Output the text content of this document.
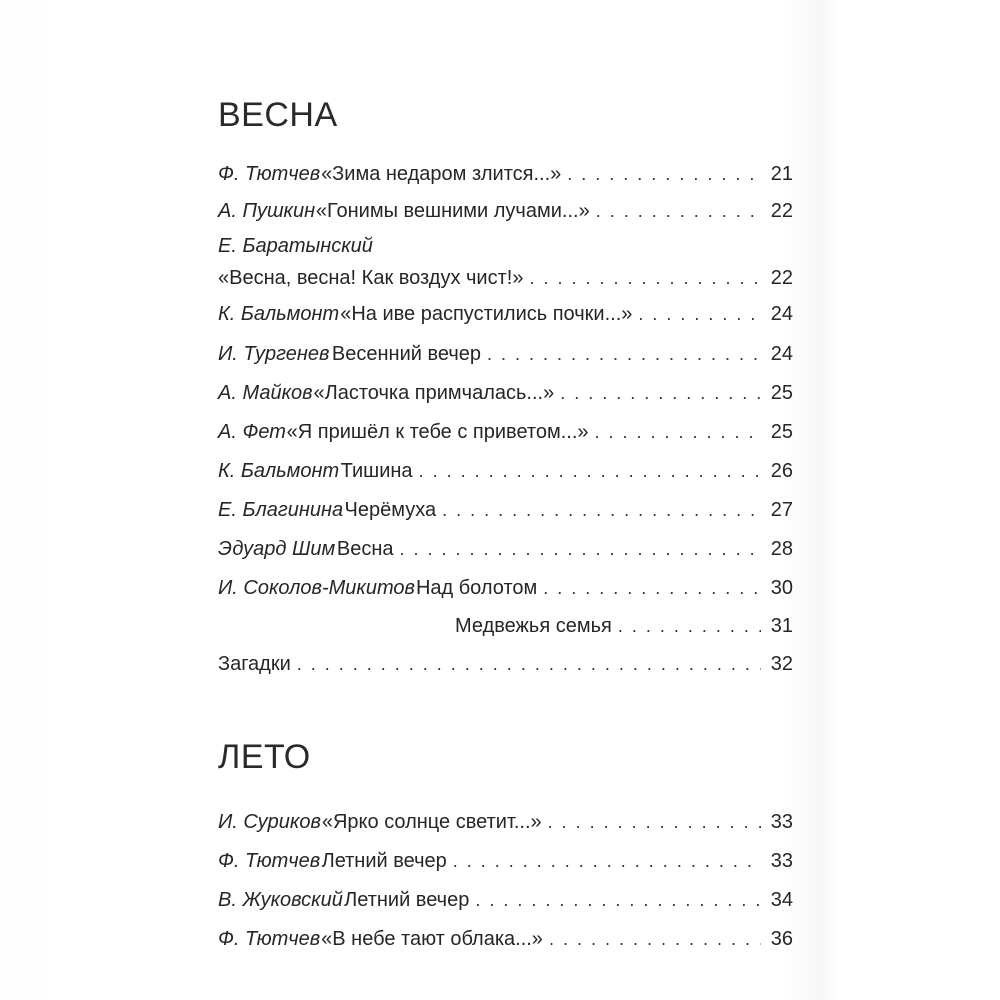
ВЕСНА
Ф. Тютчев «Зима недаром злится...» . . .	21
А. Пушкин «Гонимы вешними лучами...» . . .	22
Е. Баратынский
«Весна, весна! Как воздух чист!» . . .	22
К. Бальмонт «На иве распустились почки...» . . .	24
И. Тургенев Весенний вечер . . .	24
А. Майков «Ласточка примчалась...» . . .	25
А. Фет «Я пришёл к тебе с приветом...» . . .	25
К. Бальмонт Тишина . . .	26
Е. Благинина Черёмуха . . .	27
Эдуард Шим Весна . . .	28
И. Соколов-Микитов Над болотом . . .	30
Медвежья семья . . .	31
Загадки . . .	32
ЛЕТО
И. Суриков «Ярко солнце светит...» . . .	33
Ф. Тютчев Летний вечер . . .	33
В. Жуковский Летний вечер . . .	34
Ф. Тютчев «В небе тают облака...» . . .	36
